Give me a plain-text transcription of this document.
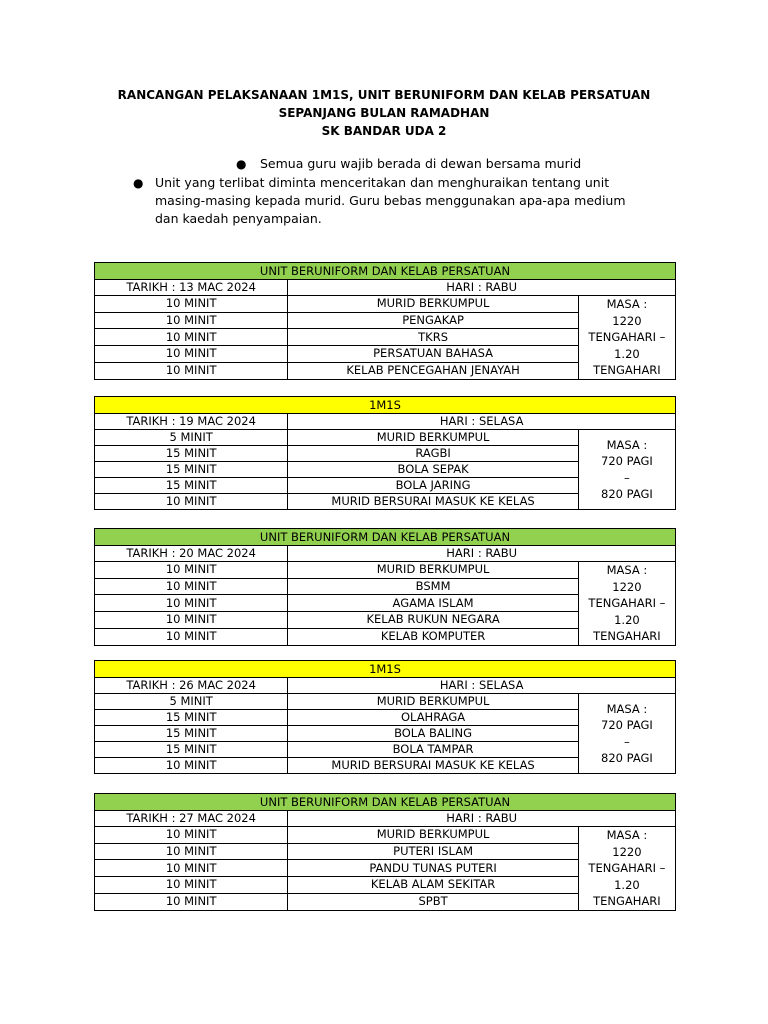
RANCANGAN PELAKSANAAN 1M1S, UNIT BERUNIFORM DAN KELAB PERSATUAN
SEPANJANG BULAN RAMADHAN
SK BANDAR UDA 2
● Semua guru wajib berada di dewan bersama murid
● Unit yang terlibat diminta menceritakan dan menghuraikan tentang unit masing-masing kepada murid. Guru bebas menggunakan apa-apa medium dan kaedah penyampaian.
UNIT BERUNIFORM DAN KELAB PERSATUAN		
TARIKH : 13 MAC 2024	HARI : RABU	
10 MINIT	MURID BERKUMPUL	MASA :
1220
TENGAHARI –
1.20
TENGAHARI

10 MINIT	PENGAKAP	
10 MINIT	TKRS	
10 MINIT	PERSATUAN BAHASA	
10 MINIT	KELAB PENCEGAHAN JENAYAH	
1M1S		
TARIKH : 19 MAC 2024	HARI : SELASA	
5 MINIT	MURID BERKUMPUL	MASA :
720 PAGI
–
820 PAGI

15 MINIT	RAGBI	
15 MINIT	BOLA SEPAK	
15 MINIT	BOLA JARING	
10 MINIT	MURID BERSURAI MASUK KE KELAS	
UNIT BERUNIFORM DAN KELAB PERSATUAN		
TARIKH : 20 MAC 2024	HARI : RABU	
10 MINIT	MURID BERKUMPUL	MASA :
1220
TENGAHARI –
1.20
TENGAHARI

10 MINIT	BSMM	
10 MINIT	AGAMA ISLAM	
10 MINIT	KELAB RUKUN NEGARA	
10 MINIT	KELAB KOMPUTER	
1M1S		
TARIKH : 26 MAC 2024	HARI : SELASA	
5 MINIT	MURID BERKUMPUL	MASA :
720 PAGI
–
820 PAGI

15 MINIT	OLAHRAGA	
15 MINIT	BOLA BALING	
15 MINIT	BOLA TAMPAR	
10 MINIT	MURID BERSURAI MASUK KE KELAS	
UNIT BERUNIFORM DAN KELAB PERSATUAN		
TARIKH : 27 MAC 2024	HARI : RABU	
10 MINIT	MURID BERKUMPUL	MASA :
1220
TENGAHARI –
1.20
TENGAHARI

10 MINIT	PUTERI ISLAM	
10 MINIT	PANDU TUNAS PUTERI	
10 MINIT	KELAB ALAM SEKITAR	
10 MINIT	SPBT	
